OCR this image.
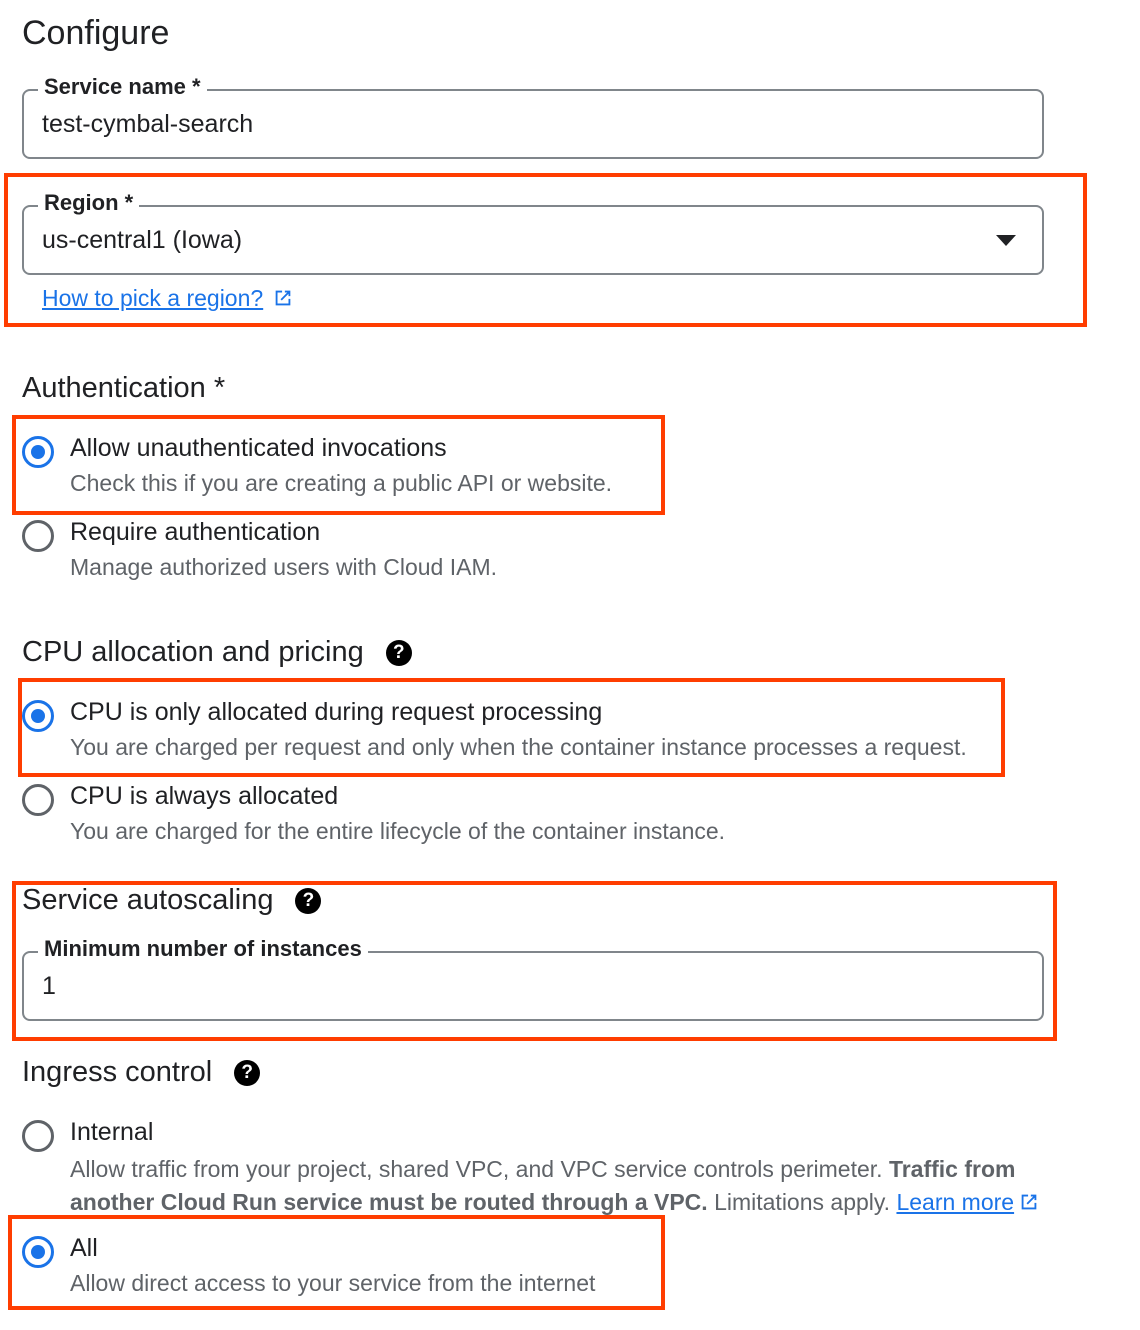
Configure
Service name *
test-cymbal-search
Region *
us-central1 (Iowa)
How to pick a region?
Authentication *
Allow unauthenticated invocations
Check this if you are creating a public API or website.
Require authentication
Manage authorized users with Cloud IAM.
CPU allocation and pricing	?
CPU is only allocated during request processing
You are charged per request and only when the container instance processes a request.
CPU is always allocated
You are charged for the entire lifecycle of the container instance.
Service autoscaling	?
Minimum number of instances
1
Ingress control	?
Internal
Allow traffic from your project, shared VPC, and VPC service controls perimeter. Traffic from another Cloud Run service must be routed through a VPC. Limitations apply. Learn more
All
Allow direct access to your service from the internet
